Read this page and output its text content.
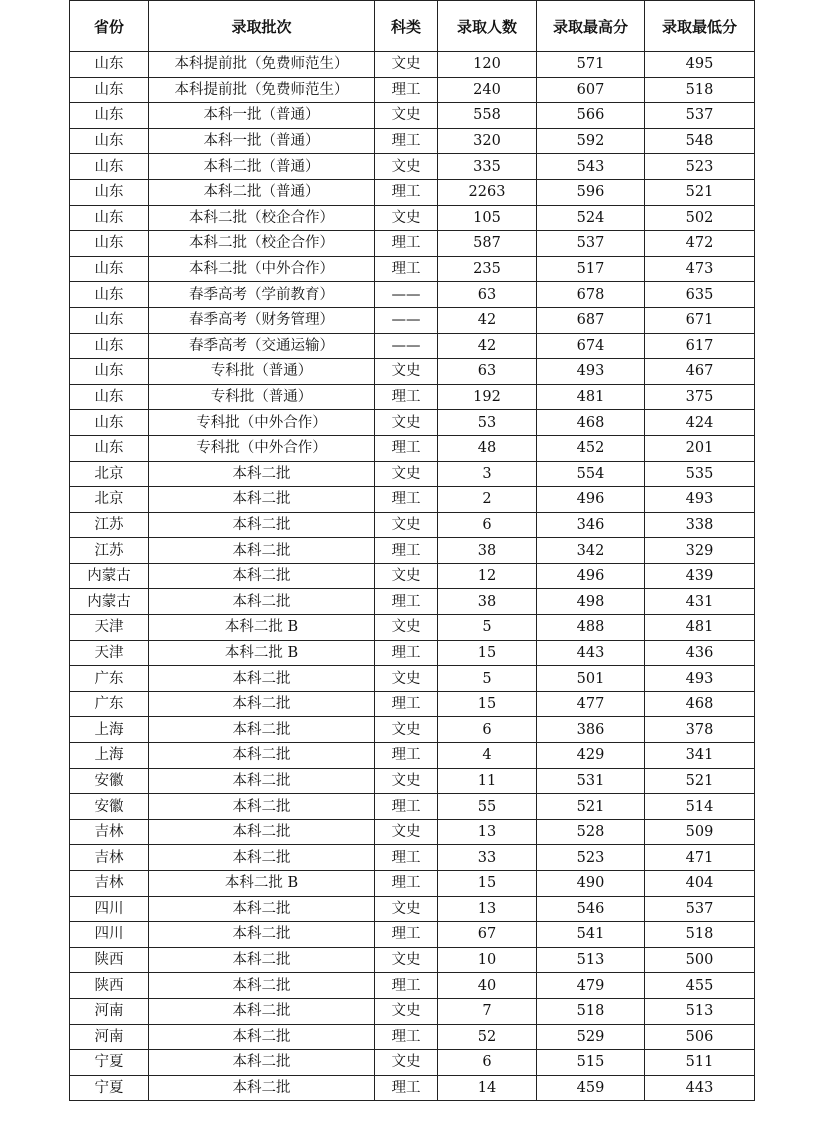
省份	录取批次	科类	录取人数	录取最高分	录取最低分
山东	本科提前批（免费师范生）	文史	120	571	495
山东	本科提前批（免费师范生）	理工	240	607	518
山东	本科一批（普通）	文史	558	566	537
山东	本科一批（普通）	理工	320	592	548
山东	本科二批（普通）	文史	335	543	523
山东	本科二批（普通）	理工	2263	596	521
山东	本科二批（校企合作）	文史	105	524	502
山东	本科二批（校企合作）	理工	587	537	472
山东	本科二批（中外合作）	理工	235	517	473
山东	春季高考（学前教育）	——	63	678	635
山东	春季高考（财务管理）	——	42	687	671
山东	春季高考（交通运输）	——	42	674	617
山东	专科批（普通）	文史	63	493	467
山东	专科批（普通）	理工	192	481	375
山东	专科批（中外合作）	文史	53	468	424
山东	专科批（中外合作）	理工	48	452	201
北京	本科二批	文史	3	554	535
北京	本科二批	理工	2	496	493
江苏	本科二批	文史	6	346	338
江苏	本科二批	理工	38	342	329
内蒙古	本科二批	文史	12	496	439
内蒙古	本科二批	理工	38	498	431
天津	本科二批 B	文史	5	488	481
天津	本科二批 B	理工	15	443	436
广东	本科二批	文史	5	501	493
广东	本科二批	理工	15	477	468
上海	本科二批	文史	6	386	378
上海	本科二批	理工	4	429	341
安徽	本科二批	文史	11	531	521
安徽	本科二批	理工	55	521	514
吉林	本科二批	文史	13	528	509
吉林	本科二批	理工	33	523	471
吉林	本科二批 B	理工	15	490	404
四川	本科二批	文史	13	546	537
四川	本科二批	理工	67	541	518
陕西	本科二批	文史	10	513	500
陕西	本科二批	理工	40	479	455
河南	本科二批	文史	7	518	513
河南	本科二批	理工	52	529	506
宁夏	本科二批	文史	6	515	511
宁夏	本科二批	理工	14	459	443
